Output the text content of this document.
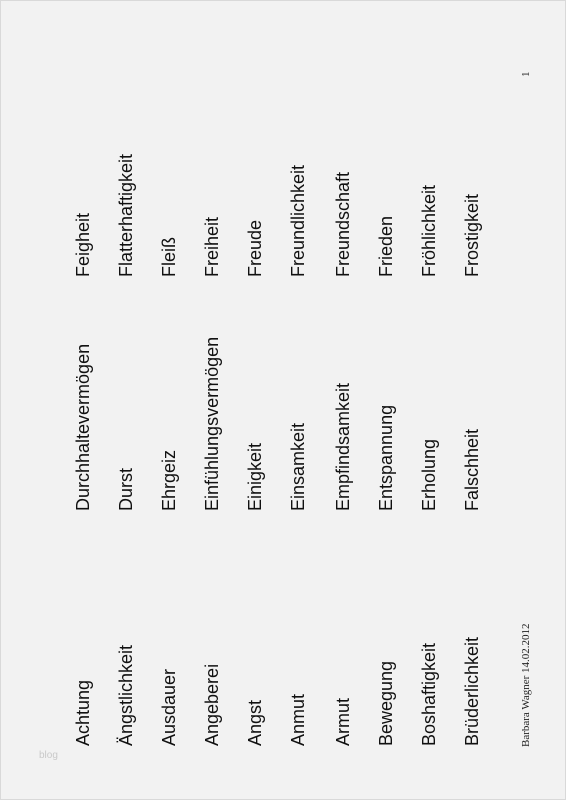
Achtung Ängstlichkeit Ausdauer Angeberei Angst Anmut Armut Bewegung Boshaftigkeit Brüderlichkeit
Durchhaltevermögen Durst Ehrgeiz Einfühlungsvermögen Einigkeit Einsamkeit Empfindsamkeit Entspannung Erholung Falschheit
Feigheit Flatterhaftigkeit Fleiß Freiheit Freude Freundlichkeit Freundschaft Frieden Fröhlichkeit Frostigkeit
Barbara Wagner 14.02.2012
1
blog
